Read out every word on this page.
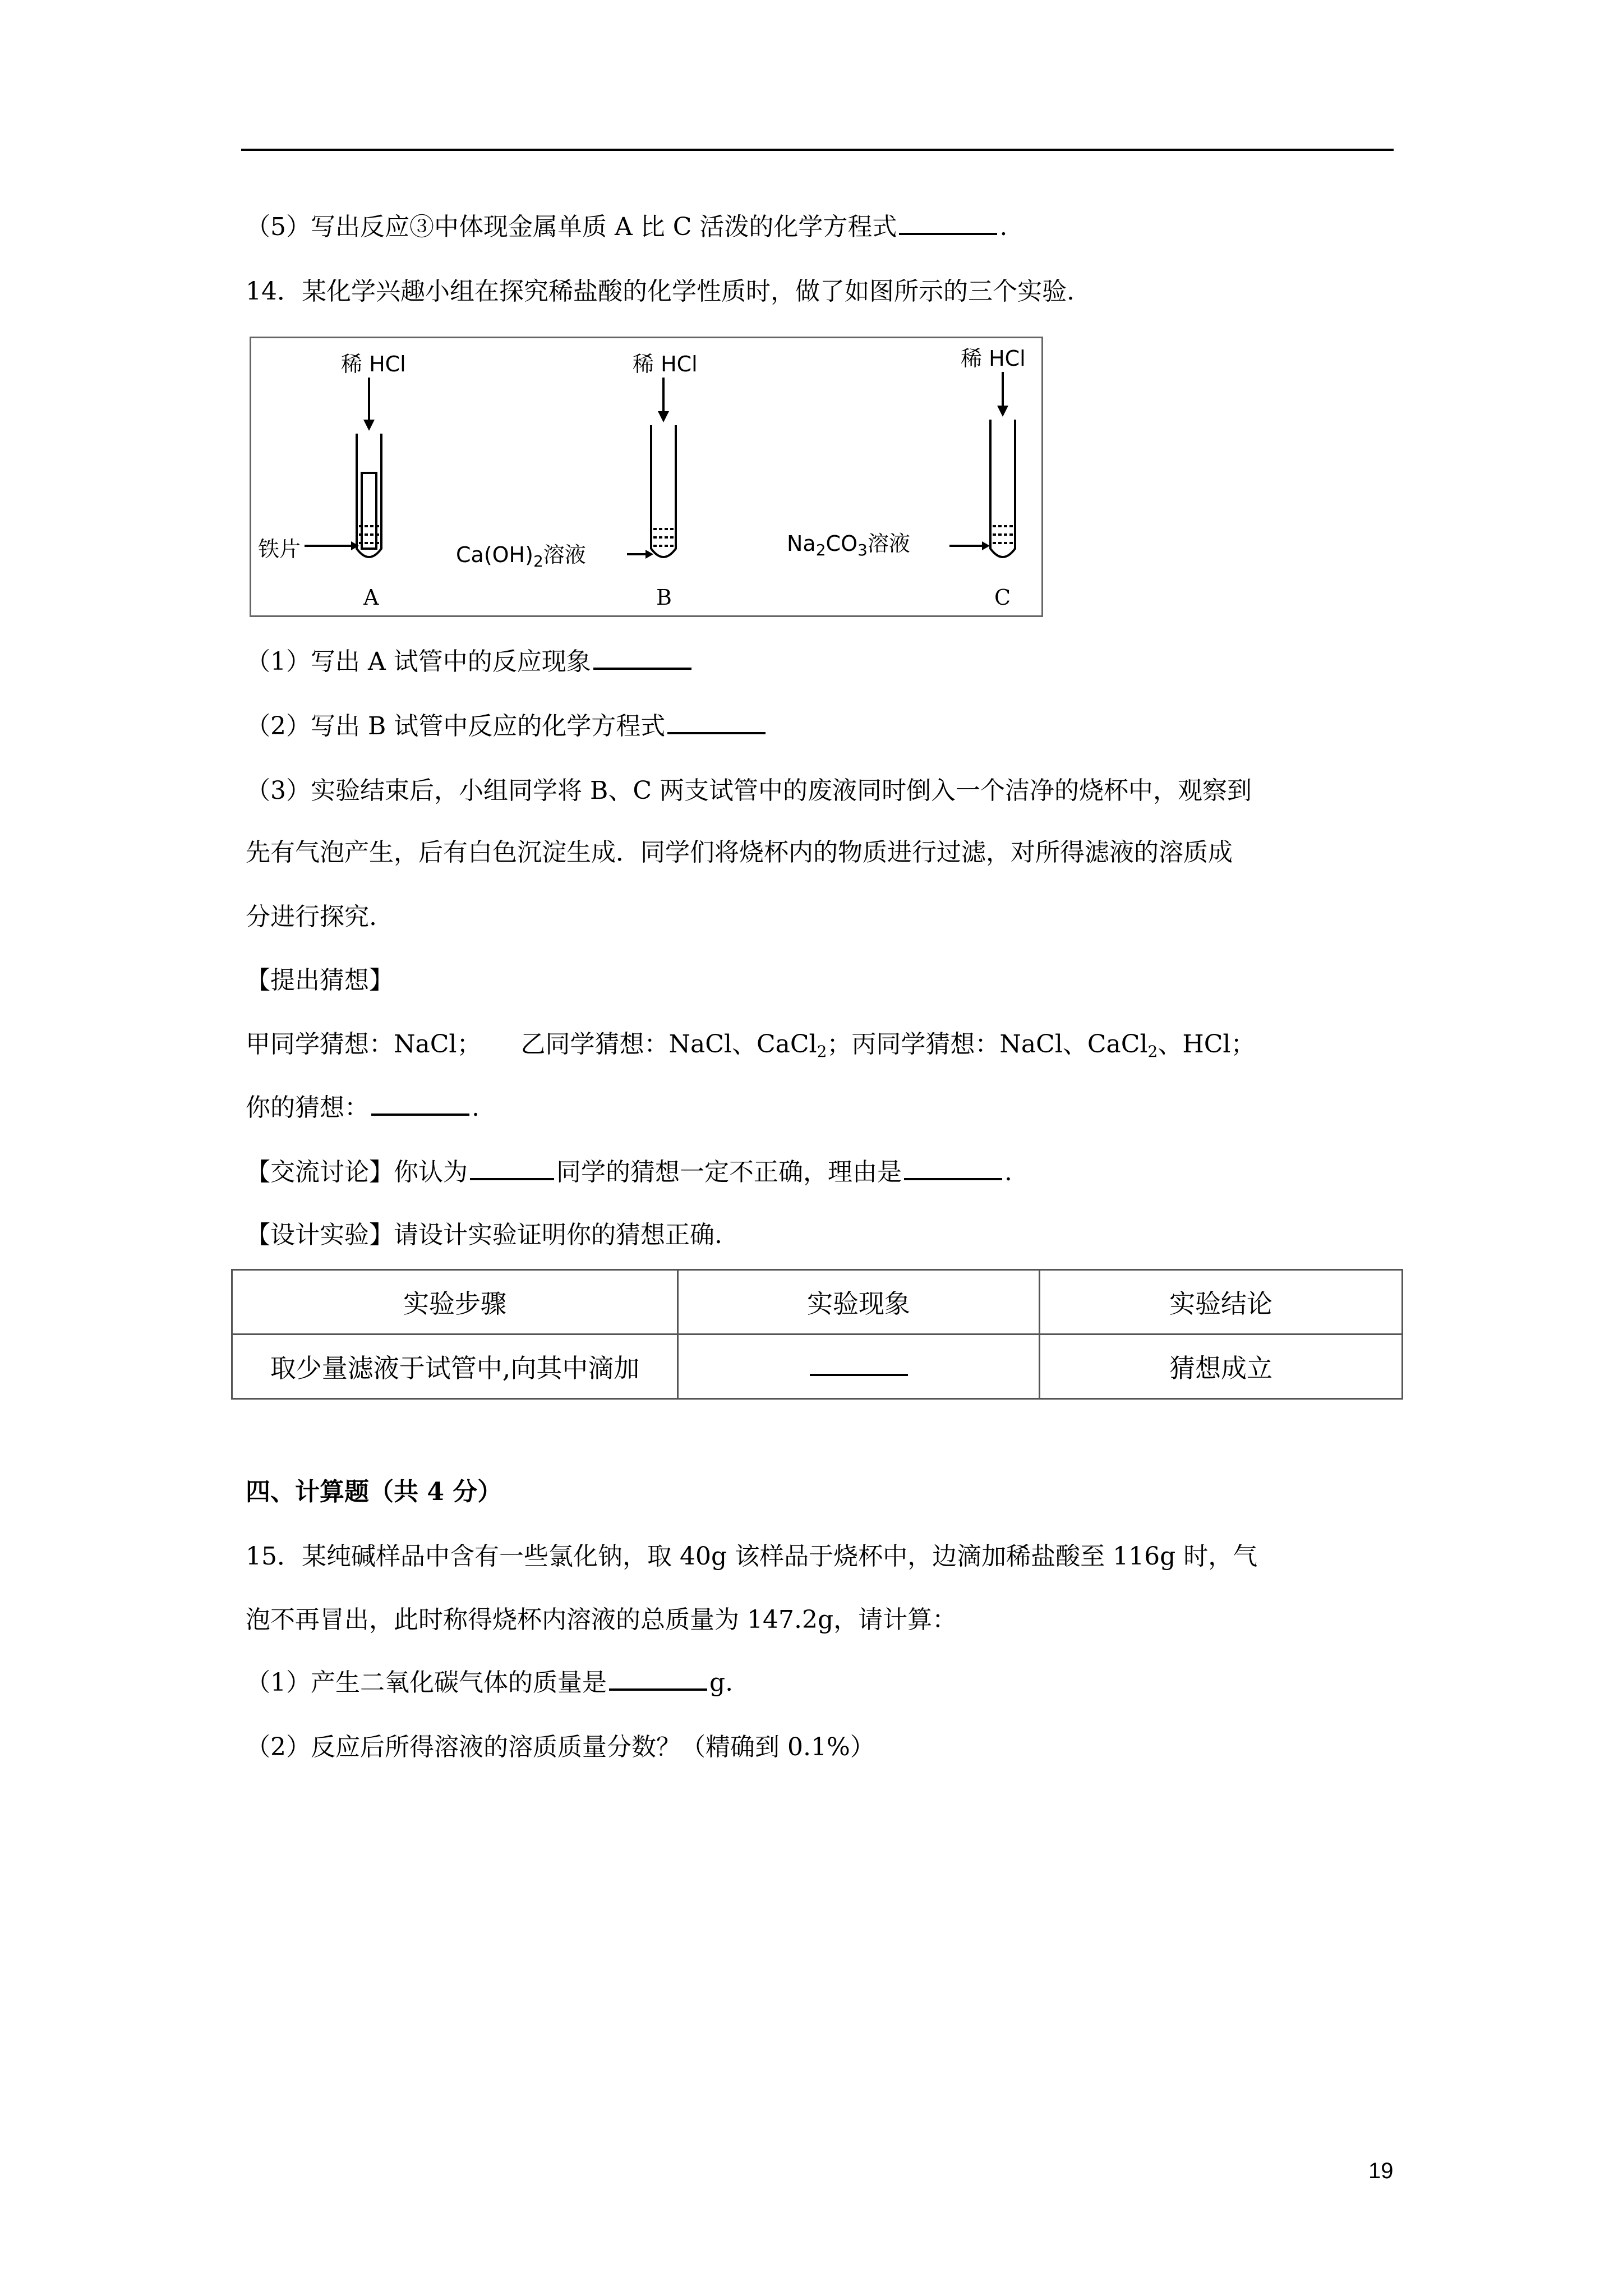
（5）写出反应③中体现金属单质 A 比 C 活泼的化学方程式	.
14．某化学兴趣小组在探究稀盐酸的化学性质时，做了如图所示的三个实验.
稀 HCl	稀 HCl	稀 HCl
铁片	$Ca(OH)_2$溶液	$Na_2CO_3$溶液
A	B	C
（1）写出 A 试管中的反应现象
（2）写出 B 试管中反应的化学方程式
（3）实验结束后，小组同学将 B、C 两支试管中的废液同时倒入一个洁净的烧杯中，观察到
先有气泡产生，后有白色沉淀生成．同学们将烧杯内的物质进行过滤，对所得滤液的溶质成
分进行探究.
【提出猜想】
甲同学猜想：NaCl； 乙同学猜想：NaCl、CaCl$_2$；丙同学猜想：NaCl、CaCl$_2$、HCl；
你的猜想：	.
【交流讨论】你认为	同学的猜想一定不正确，理由是	.
【设计实验】请设计实验证明你的猜想正确.
实验步骤	实验现象	实验结论
取少量滤液于试管中,向其中滴加		猜想成立
四、计算题（共 4 分）
15．某纯碱样品中含有一些氯化钠，取 40g 该样品于烧杯中，边滴加稀盐酸至 116g 时，气
泡不再冒出，此时称得烧杯内溶液的总质量为 147.2g，请计算：
（1）产生二氧化碳气体的质量是	g.
（2）反应后所得溶液的溶质质量分数？（精确到 0.1%）
19
